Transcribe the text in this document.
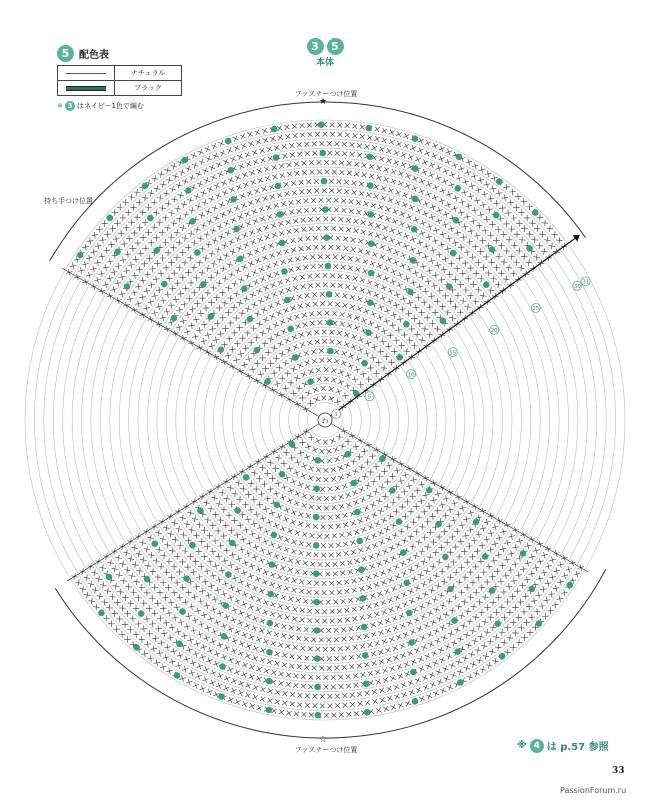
5 配色表
	ナチュラル

	ブラック
※ 3 はネイビー1色で編む
3	5
本体
ファスナーつけ位置
★
持ち手つけ位置
1
5
10
15
20
25
30
31
わ
☆
ファスナーつけ位置	※ 4 は p.57 参照
33
PassionForum.ru
